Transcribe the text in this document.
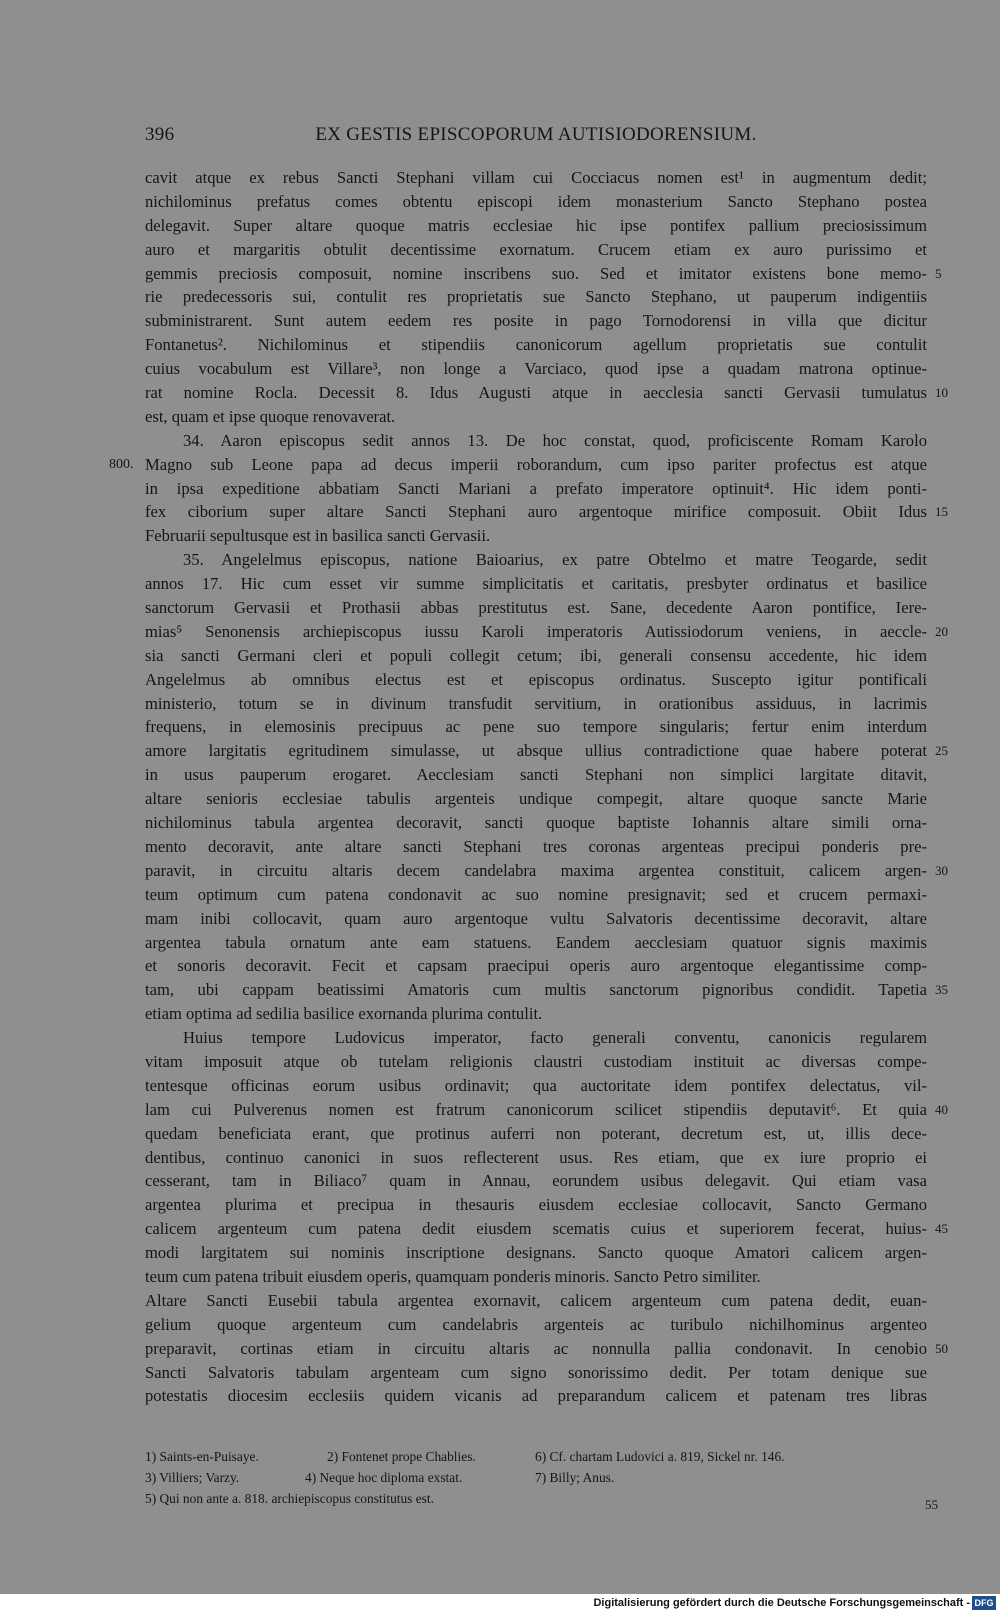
396	EX GESTIS EPISCOPORUM AUTISIODORENSIUM.
cavit atque ex rebus Sancti Stephani villam cui Cocciacus nomen est¹ in augmentum dedit;
nichilominus prefatus comes obtentu episcopi idem monasterium Sancto Stephano postea
delegavit. Super altare quoque matris ecclesiae hic ipse pontifex pallium preciosissimum
auro et margaritis obtulit decentissime exornatum. Crucem etiam ex auro purissimo et
gemmis preciosis composuit, nomine inscribens suo. Sed et imitator existens bone memo- 5
rie predecessoris sui, contulit res proprietatis sue Sancto Stephano, ut pauperum indigentiis
subministrarent. Sunt autem eedem res posite in pago Tornodorensi in villa que dicitur
Fontanetus². Nichilominus et stipendiis canonicorum agellum proprietatis sue contulit
cuius vocabulum est Villare³, non longe a Varciaco, quod ipse a quadam matrona optinue-
rat nomine Rocla. Decessit 8. Idus Augusti atque in aecclesia sancti Gervasii tumulatus 10
est, quam et ipse quoque renovaverat.
34. Aaron episcopus sedit annos 13. De hoc constat, quod, proficiscente Romam Karolo
Magno sub Leone papa ad decus imperii roborandum, cum ipso pariter profectus est atque
800.
in ipsa expeditione abbatiam Sancti Mariani a prefato imperatore optinuit⁴. Hic idem ponti-
fex ciborium super altare Sancti Stephani auro argentoque mirifice composuit. Obiit Idus 15
Februarii sepultusque est in basilica sancti Gervasii.
35. Angelelmus episcopus, natione Baioarius, ex patre Obtelmo et matre Teogarde, sedit
annos 17. Hic cum esset vir summe simplicitatis et caritatis, presbyter ordinatus et basilice
sanctorum Gervasii et Prothasii abbas prestitutus est. Sane, decedente Aaron pontifice, Iere-
mias⁵ Senonensis archiepiscopus iussu Karoli imperatoris Autissiodorum veniens, in aeccle- 20
sia sancti Germani cleri et populi collegit cetum; ibi, generali consensu accedente, hic idem
Angelelmus ab omnibus electus est et episcopus ordinatus. Suscepto igitur pontificali
ministerio, totum se in divinum transfudit servitium, in orationibus assiduus, in lacrimis
frequens, in elemosinis precipuus ac pene suo tempore singularis; fertur enim interdum
amore largitatis egritudinem simulasse, ut absque ullius contradictione quae habere poterat 25
in usus pauperum erogaret. Aecclesiam sancti Stephani non simplici largitate ditavit,
altare senioris ecclesiae tabulis argenteis undique compegit, altare quoque sancte Marie
nichilominus tabula argentea decoravit, sancti quoque baptiste Iohannis altare simili orna-
mento decoravit, ante altare sancti Stephani tres coronas argenteas precipui ponderis pre-
paravit, in circuitu altaris decem candelabra maxima argentea constituit, calicem argen- 30
teum optimum cum patena condonavit ac suo nomine presignavit; sed et crucem permaxi-
mam inibi collocavit, quam auro argentoque vultu Salvatoris decentissime decoravit, altare
argentea tabula ornatum ante eam statuens. Eandem aecclesiam quatuor signis maximis
et sonoris decoravit. Fecit et capsam praecipui operis auro argentoque elegantissime comp-
tam, ubi cappam beatissimi Amatoris cum multis sanctorum pignoribus condidit. Tapetia 35
etiam optima ad sedilia basilice exornanda plurima contulit.
Huius tempore Ludovicus imperator, facto generali conventu, canonicis regularem
vitam imposuit atque ob tutelam religionis claustri custodiam instituit ac diversas compe-
tentesque officinas eorum usibus ordinavit; qua auctoritate idem pontifex delectatus, vil-
lam cui Pulverenus nomen est fratrum canonicorum scilicet stipendiis deputavit⁶. Et quia 40
quedam beneficiata erant, que protinus auferri non poterant, decretum est, ut, illis dece-
dentibus, continuo canonici in suos reflecterent usus. Res etiam, que ex iure proprio ei
cesserant, tam in Biliaco⁷ quam in Annau, eorundem usibus delegavit. Qui etiam vasa
argentea plurima et precipua in thesauris eiusdem ecclesiae collocavit, Sancto Germano
calicem argenteum cum patena dedit eiusdem scematis cuius et superiorem fecerat, huius- 45
modi largitatem sui nominis inscriptione designans. Sancto quoque Amatori calicem argen-
teum cum patena tribuit eiusdem operis, quamquam ponderis minoris. Sancto Petro similiter.
Altare Sancti Eusebii tabula argentea exornavit, calicem argenteum cum patena dedit, euan-
gelium quoque argenteum cum candelabris argenteis ac turibulo nichilhominus argenteo
preparavit, cortinas etiam in circuitu altaris ac nonnulla pallia condonavit. In cenobio 50
Sancti Salvatoris tabulam argenteam cum signo sonorissimo dedit. Per totam denique sue
potestatis diocesim ecclesiis quidem vicanis ad preparandum calicem et patenam tres libras
1) Saints-en-Puisaye.	2) Fontenet prope Chablies.	6) Cf. chartam Ludovici a. 819, Sickel nr. 146.
3) Villiers; Varzy.	4) Neque hoc diploma exstat.	7) Billy; Anus.
5) Qui non ante a. 818. archiepiscopus constitutus est.	55
Digitalisierung gefördert durch die Deutsche Forschungsgemeinschaft - DFG
